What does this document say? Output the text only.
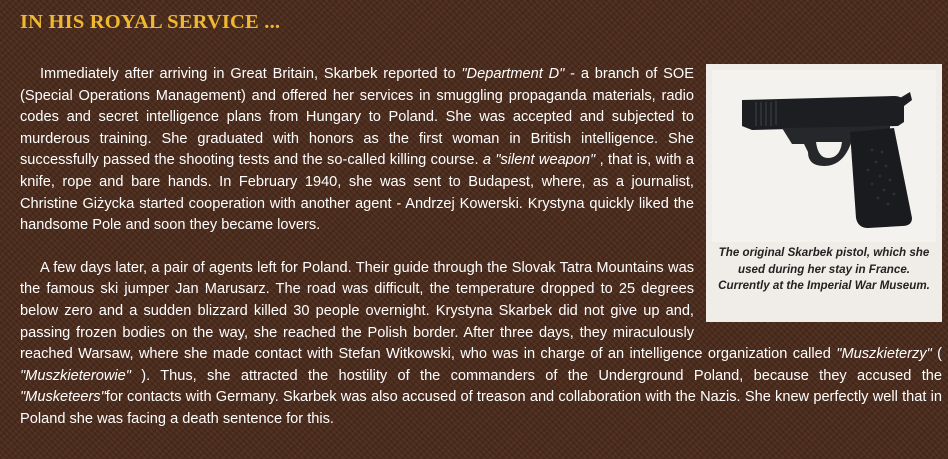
IN HIS ROYAL SERVICE ...
The original Skarbek pistol, which she used during her stay in France. Currently at the Imperial War Museum.

Immediately after arriving in Great Britain, Skarbek reported to "Department D" - a branch of SOE (Special Operations Management) and offered her services in smuggling propaganda materials, radio codes and secret intelligence plans from Hungary to Poland. She was accepted and subjected to murderous training. She graduated with honors as the first woman in British intelligence. She successfully passed the shooting tests and the so-called killing course. a "silent weapon" , that is, with a knife, rope and bare hands. In February 1940, she was sent to Budapest, where, as a journalist, Christine Giżycka started cooperation with another agent - Andrzej Kowerski. Krystyna quickly liked the handsome Pole and soon they became lovers.

A few days later, a pair of agents left for Poland. Their guide through the Slovak Tatra Mountains was the famous ski jumper Jan Marusarz. The road was difficult, the temperature dropped to 25 degrees below zero and a sudden blizzard killed 30 people overnight. Krystyna Skarbek did not give up and, passing frozen bodies on the way, she reached the Polish border. After three days, they miraculously reached Warsaw, where she made contact with Stefan Witkowski, who was in charge of an intelligence organization called "Muszkieterzy" ( "Muszkieterowie" ). Thus, she attracted the hostility of the commanders of the Underground Poland, because they accused the "Musketeers"for contacts with Germany. Skarbek was also accused of treason and collaboration with the Nazis. She knew perfectly well that in Poland she was facing a death sentence for this.
